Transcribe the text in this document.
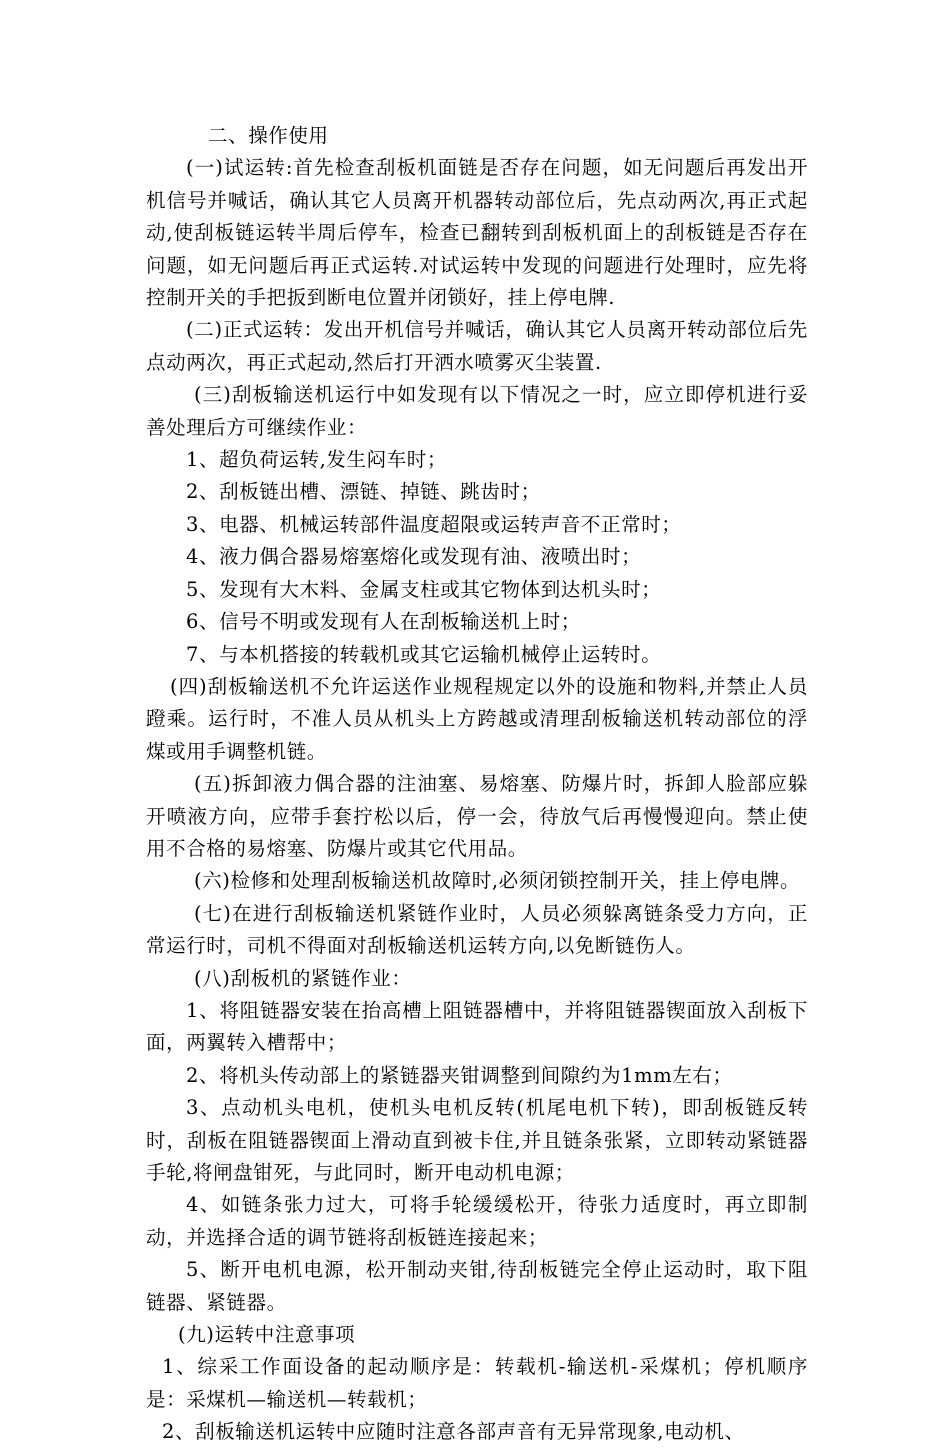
二、操作使用

(一)试运转:首先检查刮板机面链是否存在问题，如无问题后再发出开机信号并喊话，确认其它人员离开机器转动部位后，先点动两次,再正式起动,使刮板链运转半周后停车，检查已翻转到刮板机面上的刮板链是否存在问题，如无问题后再正式运转.对试运转中发现的问题进行处理时，应先将控制开关的手把扳到断电位置并闭锁好，挂上停电牌.

(二)正式运转：发出开机信号并喊话，确认其它人员离开转动部位后先点动两次，再正式起动,然后打开洒水喷雾灭尘装置.

(三)刮板输送机运行中如发现有以下情况之一时，应立即停机进行妥善处理后方可继续作业：

1、超负荷运转,发生闷车时；

2、刮板链出槽、漂链、掉链、跳齿时；

3、电器、机械运转部件温度超限或运转声音不正常时；

4、液力偶合器易熔塞熔化或发现有油、液喷出时；

5、发现有大木料、金属支柱或其它物体到达机头时；

6、信号不明或发现有人在刮板输送机上时；

7、与本机搭接的转载机或其它运输机械停止运转时。

(四)刮板输送机不允许运送作业规程规定以外的设施和物料,并禁止人员蹬乘。运行时，不准人员从机头上方跨越或清理刮板输送机转动部位的浮煤或用手调整机链。

(五)拆卸液力偶合器的注油塞、易熔塞、防爆片时，拆卸人脸部应躲开喷液方向，应带手套拧松以后，停一会，待放气后再慢慢迎向。禁止使用不合格的易熔塞、防爆片或其它代用品。

(六)检修和处理刮板输送机故障时,必须闭锁控制开关，挂上停电牌。

(七)在进行刮板输送机紧链作业时，人员必须躲离链条受力方向，正常运行时，司机不得面对刮板输送机运转方向,以免断链伤人。

(八)刮板机的紧链作业：

1、将阻链器安装在抬高槽上阻链器槽中，并将阻链器锲面放入刮板下面，两翼转入槽帮中；

2、将机头传动部上的紧链器夹钳调整到间隙约为1mm左右；

3、点动机头电机，使机头电机反转(机尾电机下转)，即刮板链反转时，刮板在阻链器锲面上滑动直到被卡住,并且链条张紧，立即转动紧链器手轮,将闸盘钳死，与此同时，断开电动机电源；

4、如链条张力过大，可将手轮缓缓松开，待张力适度时，再立即制动，并选择合适的调节链将刮板链连接起来；

5、断开电机电源，松开制动夹钳,待刮板链完全停止运动时，取下阻链器、紧链器。

(九)运转中注意事项

1、综采工作面设备的起动顺序是：转载机-输送机-采煤机；停机顺序是：采煤机—输送机—转载机；

2、刮板输送机运转中应随时注意各部声音有无异常现象,电动机、
